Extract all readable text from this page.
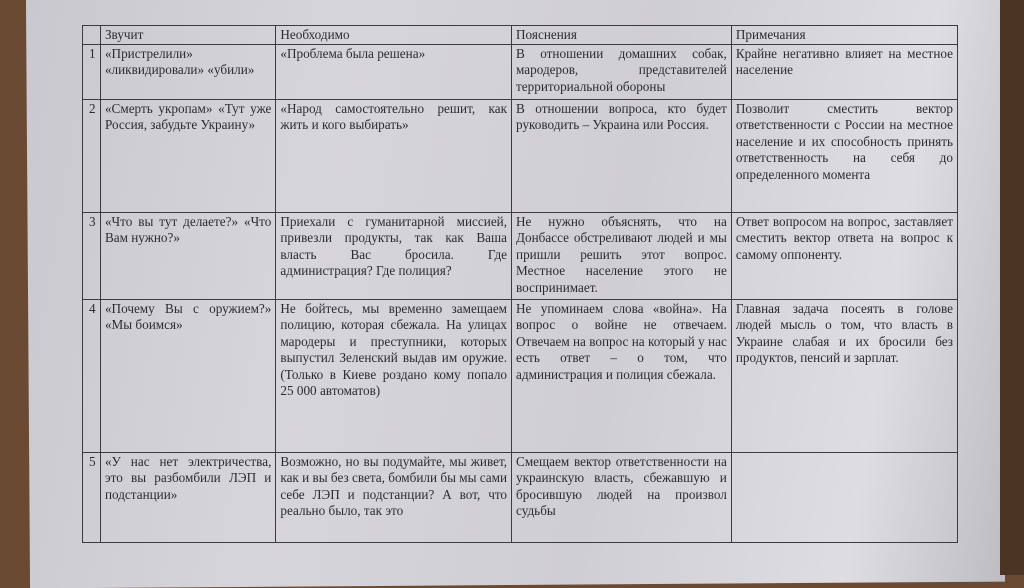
	Звучит	Необходимо	Пояснения	Примечания
1	«Пристрелили» «ликвидировали» «убили»	«Проблема была решена»	В отношении домашних собак, мародеров, представителей территориальной обороны	Крайне негативно влияет на местное население
2	«Смерть укропам» «Тут уже Россия, забудьте Украину»	«Народ самостоятельно решит, как жить и кого выбирать»	В отношении вопроса, кто будет руководить – Украина или Россия.	Позволит сместить вектор ответственности с России на местное население и их способность принять ответственность на себя до определенного момента
3	«Что вы тут делаете?» «Что Вам нужно?»	Приехали с гуманитарной миссией, привезли продукты, так как Ваша власть Вас бросила. Где администрация? Где полиция?	Не нужно объяснять, что на Донбассе обстреливают людей и мы пришли решить этот вопрос. Местное население этого не воспринимает.	Ответ вопросом на вопрос, заставляет сместить вектор ответа на вопрос к самому оппоненту.
4	«Почему Вы с оружием?» «Мы боимся»	Не бойтесь, мы временно замещаем полицию, которая сбежала. На улицах мародеры и преступники, которых выпустил Зеленский выдав им оружие. (Только в Киеве роздано кому попало 25 000 автоматов)	Не упоминаем слова «война». На вопрос о войне не отвечаем. Отвечаем на вопрос на который у нас есть ответ – о том, что администрация и полиция сбежала.	Главная задача посеять в голове людей мысль о том, что власть в Украине слабая и их бросили без продуктов, пенсий и зарплат.
5	«У нас нет электричества, это вы разбомбили ЛЭП и подстанции»	Возможно, но вы подумайте, мы живет, как и вы без света, бомбили бы мы сами себе ЛЭП и подстанции? А вот, что реально было, так это	Смещаем вектор ответственности на украинскую власть, сбежавшую и бросившую людей на произвол судьбы	
